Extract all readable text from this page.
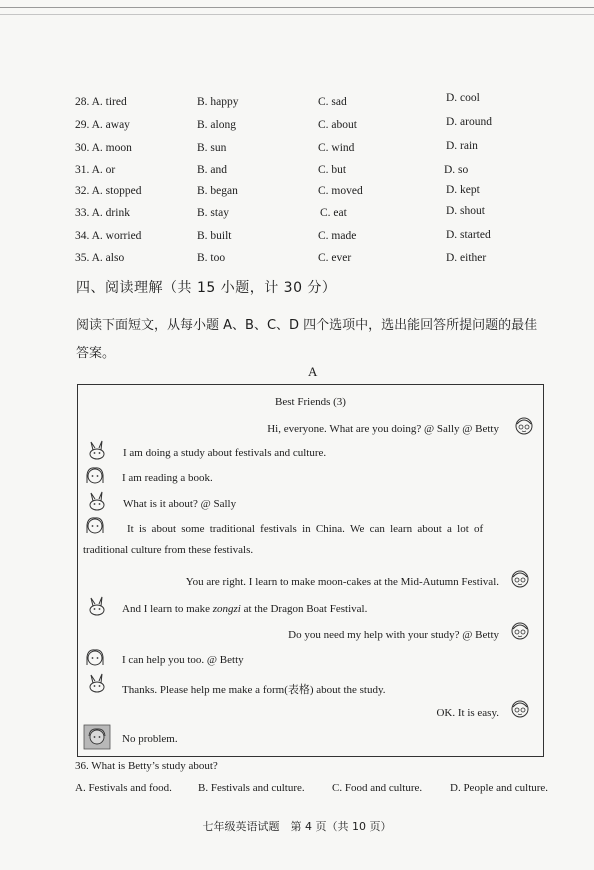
28. A. tired	B. happy	C. sad	D. cool
29. A. away	B. along	C. about	D. around
30. A. moon	B. sun	C. wind	D. rain
31. A. or	B. and	C. but	D. so
32. A. stopped	B. began	C. moved	D. kept
33. A. drink	B. stay	C. eat	D. shout
34. A. worried	B. built	C. made	D. started
35. A. also	B. too	C. ever	D. either
四、阅读理解（共 15 小题，计 30 分）
阅读下面短文，从每小题 A、B、C、D 四个选项中，选出能回答所提问题的最佳
答案。
A
Best Friends (3)
Hi, everyone. What are you doing? @ Sally @ Betty
I am doing a study about festivals and culture.
I am reading a book.
What is it about? @ Sally
It is about some traditional festivals in China. We can learn about a lot of
traditional culture from these festivals.
You are right. I learn to make moon-cakes at the Mid-Autumn Festival.
And I learn to make zongzi at the Dragon Boat Festival.
Do you need my help with your study? @ Betty
I can help you too. @ Betty
Thanks. Please help me make a form(表格) about the study.
OK. It is easy.
No problem.
36. What is Betty’s study about?
A. Festivals and food. B. Festivals and culture. C. Food and culture.	D. People and culture.
七年级英语试题　第 4 页（共 10 页）
